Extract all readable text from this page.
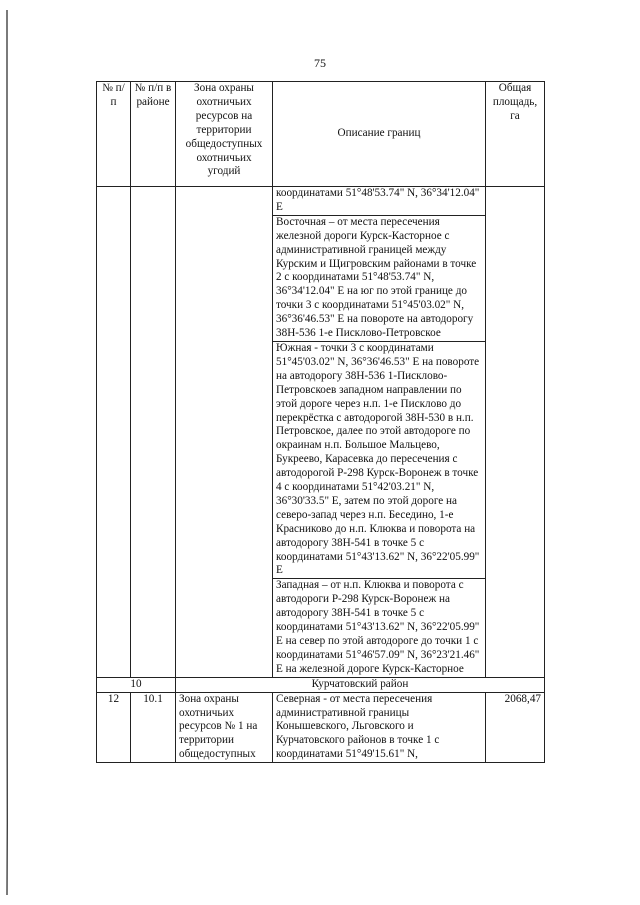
75
№ п/п	№ п/п в районе	Зона охраны охотничьих ресурсов на территории общедоступных охотничьих угодий	Описание границ	Общая площадь, га
			координатами 51°48'53.74" N, 36°34'12.04" E	
			Восточная – от места пересечения железной дороги Курск-Касторное с административной границей между Курским и Щигровским районами в точке 2 с координатами 51°48'53.74" N, 36°34'12.04" E на юг по этой границе до точки 3 с координатами 51°45'03.02" N, 36°36'46.53" E на повороте на автодорогу 38Н-536 1-е Писклово-Петровское	
			Южная - точки 3 с координатами 51°45'03.02" N, 36°36'46.53" E на повороте на автодорогу 38Н-536 1-Писклово-Петровскоев западном направлении по этой дороге через н.п. 1-е Писклово до перекрёстка с автодорогой 38Н-530 в н.п. Петровское, далее по этой автодороге по окраинам н.п. Большое Мальцево, Букреево, Карасевка до пересечения с автодорогой Р-298 Курск-Воронеж в точке 4 с координатами 51°42'03.21" N, 36°30'33.5" E, затем по этой дороге на северо-запад через н.п. Беседино, 1-е Красниково до н.п. Клюква и поворота на автодорогу 38Н-541 в точке 5 с координатами 51°43'13.62" N, 36°22'05.99" E	
			Западная – от н.п. Клюква и поворота с автодороги Р-298 Курск-Воронеж на автодорогу 38Н-541 в точке 5 с координатами 51°43'13.62" N, 36°22'05.99" E на север по этой автодороге до точки 1 с координатами 51°46'57.09" N, 36°23'21.46" E на железной дороге Курск-Касторное	
10		Курчатовский район		
12	10.1	Зона охраны охотничьих ресурсов № 1 на территории общедоступных	Северная - от места пересечения административной границы Конышевского, Льговского и Курчатовского районов в точке 1 с координатами 51°49'15.61" N,	2068,47
